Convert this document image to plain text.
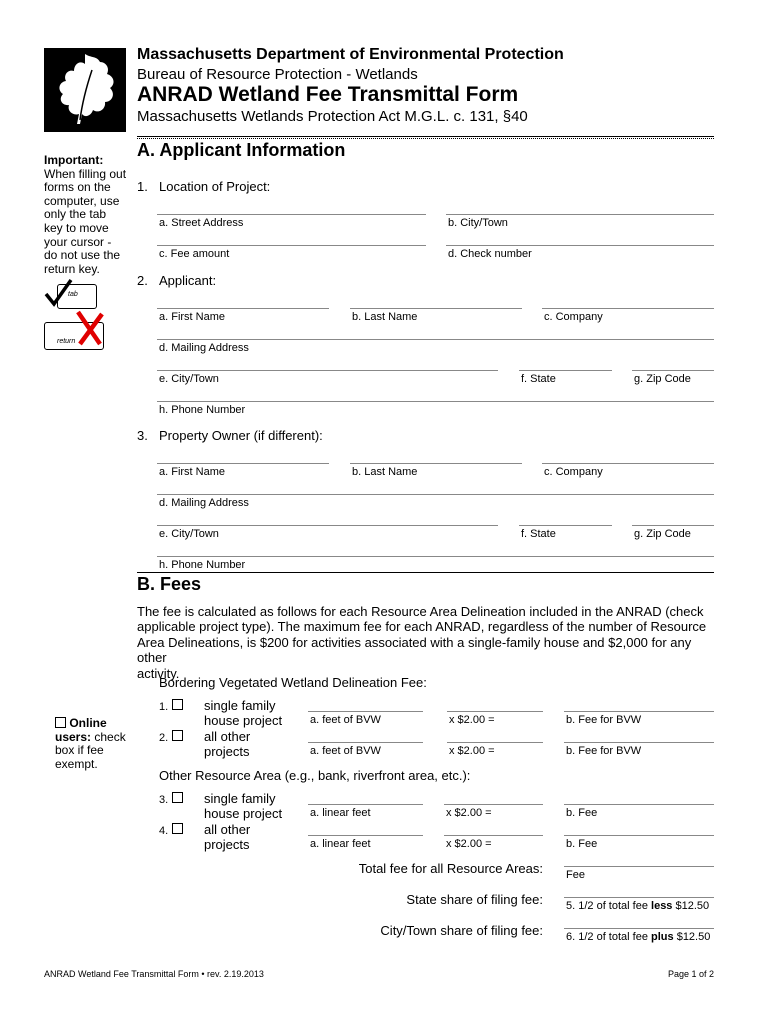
Massachusetts Department of Environmental Protection
Bureau of Resource Protection - Wetlands
ANRAD Wetland Fee Transmittal Form
Massachusetts Wetlands Protection Act M.G.L. c. 131, §40
Important:
When filling out
forms on the
computer, use
only the tab
key to move
your cursor -
do not use the
return key.
tab
return
A. Applicant Information
1. Location of Project:
a. Street Address	b. City/Town
c. Fee amount	d. Check number
2. Applicant:
a. First Name	b. Last Name	c. Company
d. Mailing Address
e. City/Town	f. State	g. Zip Code
h. Phone Number
3. Property Owner (if different):
a. First Name	b. Last Name	c. Company
d. Mailing Address
e. City/Town	f. State	g. Zip Code
h. Phone Number
B. Fees
The fee is calculated as follows for each Resource Area Delineation included in the ANRAD (check
applicable project type). The maximum fee for each ANRAD, regardless of the number of Resource
Area Delineations, is $200 for activities associated with a single-family house and $2,000 for any other
activity.
Bordering Vegetated Wetland Delineation Fee:
Online
users: check
box if fee
exempt.
1.	single family
house project	a. feet of BVW	x $2.00 =	b. Fee for BVW
2.	all other
projects	a. feet of BVW	x $2.00 =	b. Fee for BVW
Other Resource Area (e.g., bank, riverfront area, etc.):
3.	single family
house project	a. linear feet	x $2.00 =	b. Fee
4.	all other
projects	a. linear feet	x $2.00 =	b. Fee
Total fee for all Resource Areas: Fee
State share of filing fee: 5. 1/2 of total fee less $12.50
City/Town share of filing fee: 6. 1/2 of total fee plus $12.50
ANRAD Wetland Fee Transmittal Form • rev. 2.19.2013	Page 1 of 2
